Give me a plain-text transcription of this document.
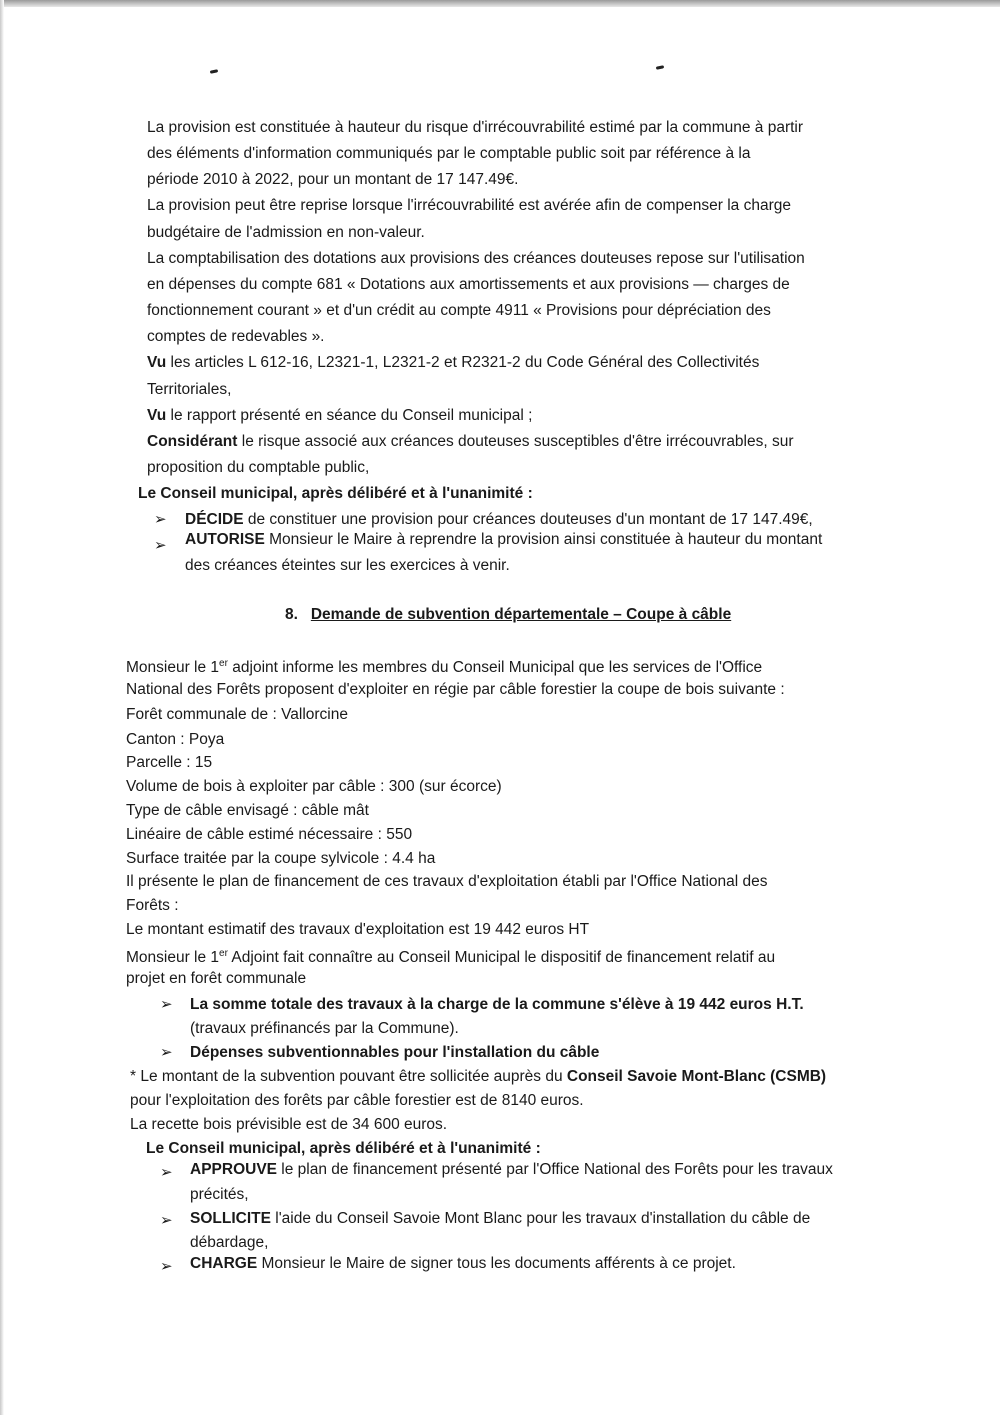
La provision est constituée à hauteur du risque d'irrécouvrabilité estimé par la commune à partir
des éléments d'information communiqués par le comptable public soit par référence à la
période 2010 à 2022, pour un montant de 17 147.49€.
La provision peut être reprise lorsque l'irrécouvrabilité est avérée afin de compenser la charge
budgétaire de l'admission en non-valeur.
La comptabilisation des dotations aux provisions des créances douteuses repose sur l'utilisation
en dépenses du compte 681 « Dotations aux amortissements et aux provisions — charges de
fonctionnement courant » et d'un crédit au compte 4911 « Provisions pour dépréciation des
comptes de redevables ».
Vu les articles L 612-16, L2321-1, L2321-2 et R2321-2 du Code Général des Collectivités
Territoriales,
Vu le rapport présenté en séance du Conseil municipal ;
Considérant le risque associé aux créances douteuses susceptibles d'être irrécouvrables, sur
proposition du comptable public,
Le Conseil municipal, après délibéré et à l'unanimité :
➢ DÉCIDE de constituer une provision pour créances douteuses d'un montant de 17 147.49€,
➢ AUTORISE Monsieur le Maire à reprendre la provision ainsi constituée à hauteur du montant
des créances éteintes sur les exercices à venir.
8. Demande de subvention départementale – Coupe à câble
Monsieur le 1er adjoint informe les membres du Conseil Municipal que les services de l'Office
National des Forêts proposent d'exploiter en régie par câble forestier la coupe de bois suivante :
Forêt communale de : Vallorcine
Canton : Poya
Parcelle : 15
Volume de bois à exploiter par câble : 300 (sur écorce)
Type de câble envisagé : câble mât
Linéaire de câble estimé nécessaire : 550
Surface traitée par la coupe sylvicole : 4.4 ha
Il présente le plan de financement de ces travaux d'exploitation établi par l'Office National des
Forêts :
Le montant estimatif des travaux d'exploitation est 19 442 euros HT
Monsieur le 1er Adjoint fait connaître au Conseil Municipal le dispositif de financement relatif au
projet en forêt communale
➢ La somme totale des travaux à la charge de la commune s'élève à 19 442 euros H.T.
(travaux préfinancés par la Commune).
➢ Dépenses subventionnables pour l'installation du câble
* Le montant de la subvention pouvant être sollicitée auprès du Conseil Savoie Mont-Blanc (CSMB)
pour l'exploitation des forêts par câble forestier est de 8140 euros.
La recette bois prévisible est de 34 600 euros.
Le Conseil municipal, après délibéré et à l'unanimité :
➢ APPROUVE le plan de financement présenté par l'Office National des Forêts pour les travaux
précités,
➢ SOLLICITE l'aide du Conseil Savoie Mont Blanc pour les travaux d'installation du câble de
débardage,
➢ CHARGE Monsieur le Maire de signer tous les documents afférents à ce projet.
